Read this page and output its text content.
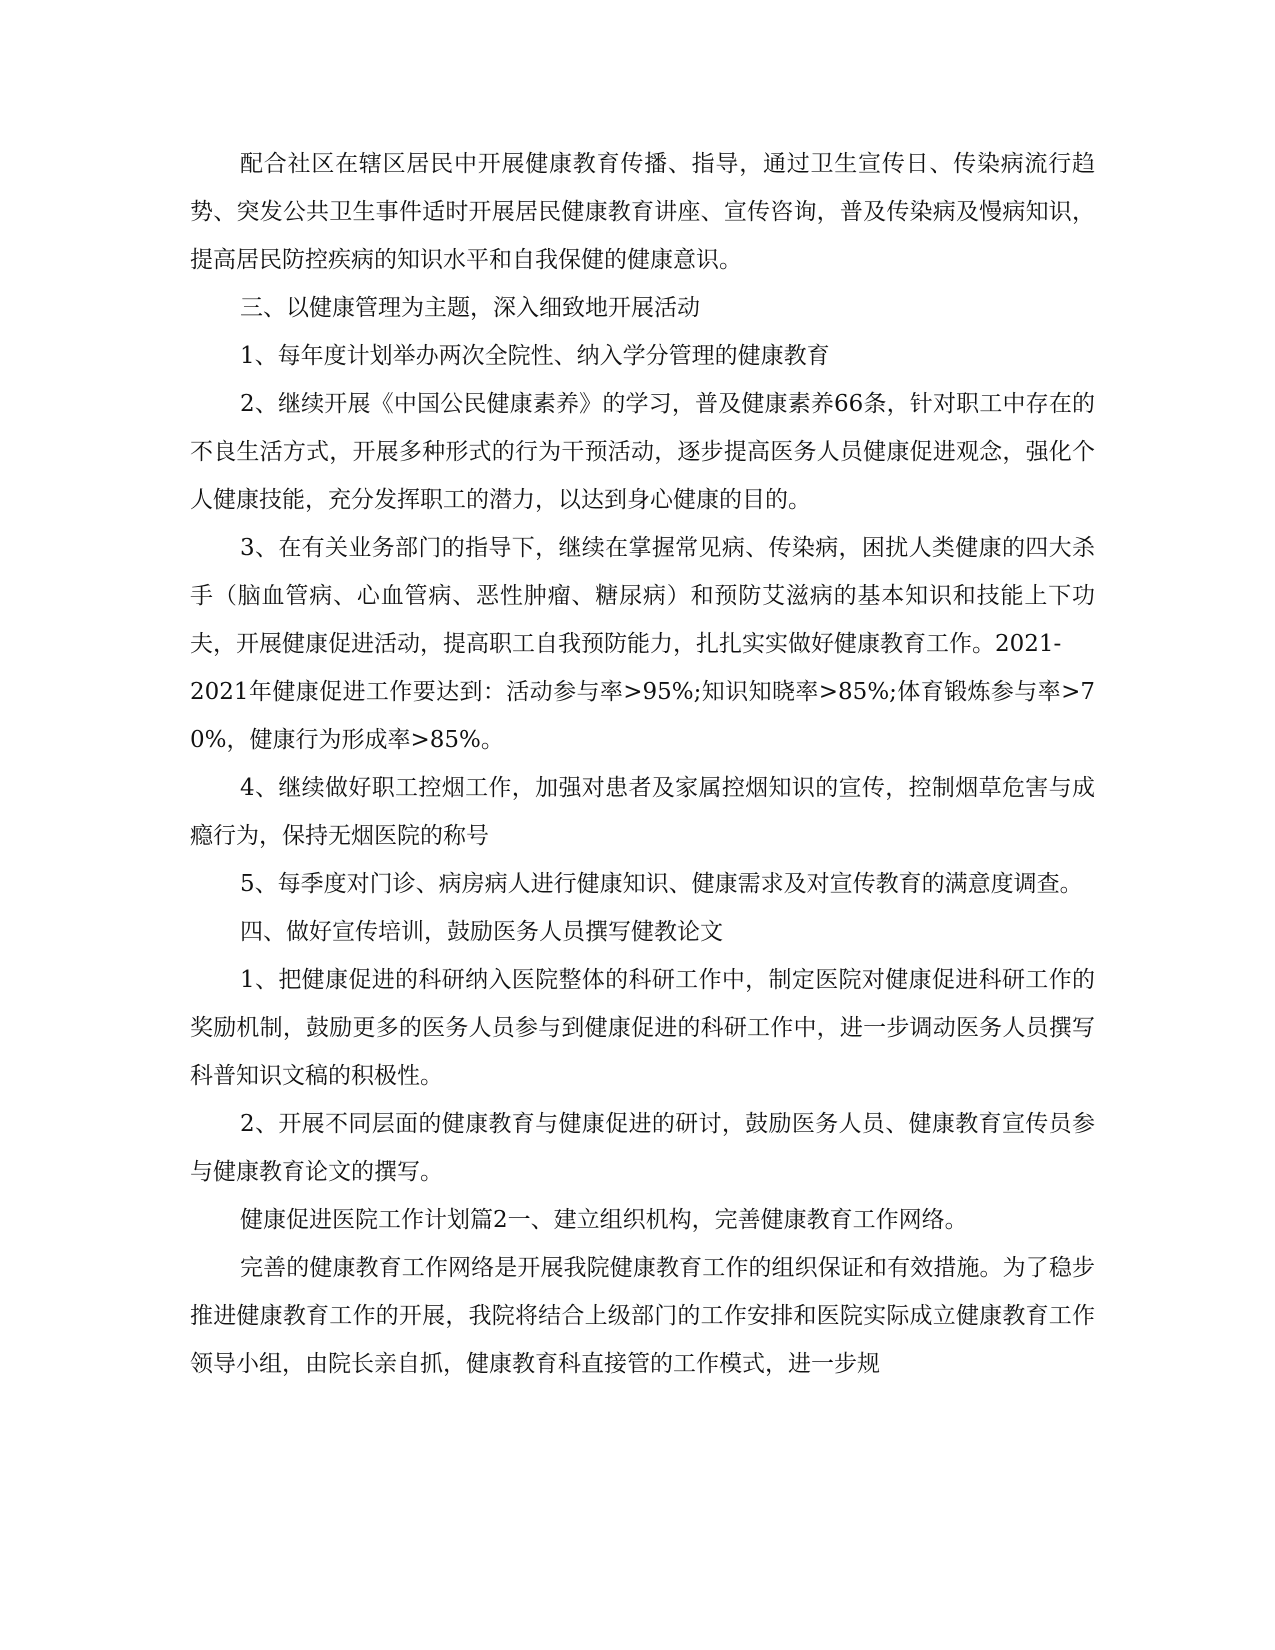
配合社区在辖区居民中开展健康教育传播、指导，通过卫生宣传日、传染病流行趋势、突发公共卫生事件适时开展居民健康教育讲座、宣传咨询，普及传染病及慢病知识，提高居民防控疾病的知识水平和自我保健的健康意识。

三、以健康管理为主题，深入细致地开展活动

1、每年度计划举办两次全院性、纳入学分管理的健康教育

2、继续开展《中国公民健康素养》的学习，普及健康素养66条，针对职工中存在的不良生活方式，开展多种形式的行为干预活动，逐步提高医务人员健康促进观念，强化个人健康技能，充分发挥职工的潜力，以达到身心健康的目的。

3、在有关业务部门的指导下，继续在掌握常见病、传染病，困扰人类健康的四大杀手（脑血管病、心血管病、恶性肿瘤、糖尿病）和预防艾滋病的基本知识和技能上下功夫，开展健康促进活动，提高职工自我预防能力，扎扎实实做好健康教育工作。2021-

2021年健康促进工作要达到：活动参与率>95%;知识知晓率>85%;体育锻炼参与率>70%，健康行为形成率>85%。

4、继续做好职工控烟工作，加强对患者及家属控烟知识的宣传，控制烟草危害与成瘾行为，保持无烟医院的称号

5、每季度对门诊、病房病人进行健康知识、健康需求及对宣传教育的满意度调查。

四、做好宣传培训，鼓励医务人员撰写健教论文

1、把健康促进的科研纳入医院整体的科研工作中，制定医院对健康促进科研工作的奖励机制，鼓励更多的医务人员参与到健康促进的科研工作中，进一步调动医务人员撰写科普知识文稿的积极性。

2、开展不同层面的健康教育与健康促进的研讨，鼓励医务人员、健康教育宣传员参与健康教育论文的撰写。

健康促进医院工作计划篇2一、建立组织机构，完善健康教育工作网络。

完善的健康教育工作网络是开展我院健康教育工作的组织保证和有效措施。为了稳步推进健康教育工作的开展，我院将结合上级部门的工作安排和医院实际成立健康教育工作领导小组，由院长亲自抓，健康教育科直接管的工作模式，进一步规
